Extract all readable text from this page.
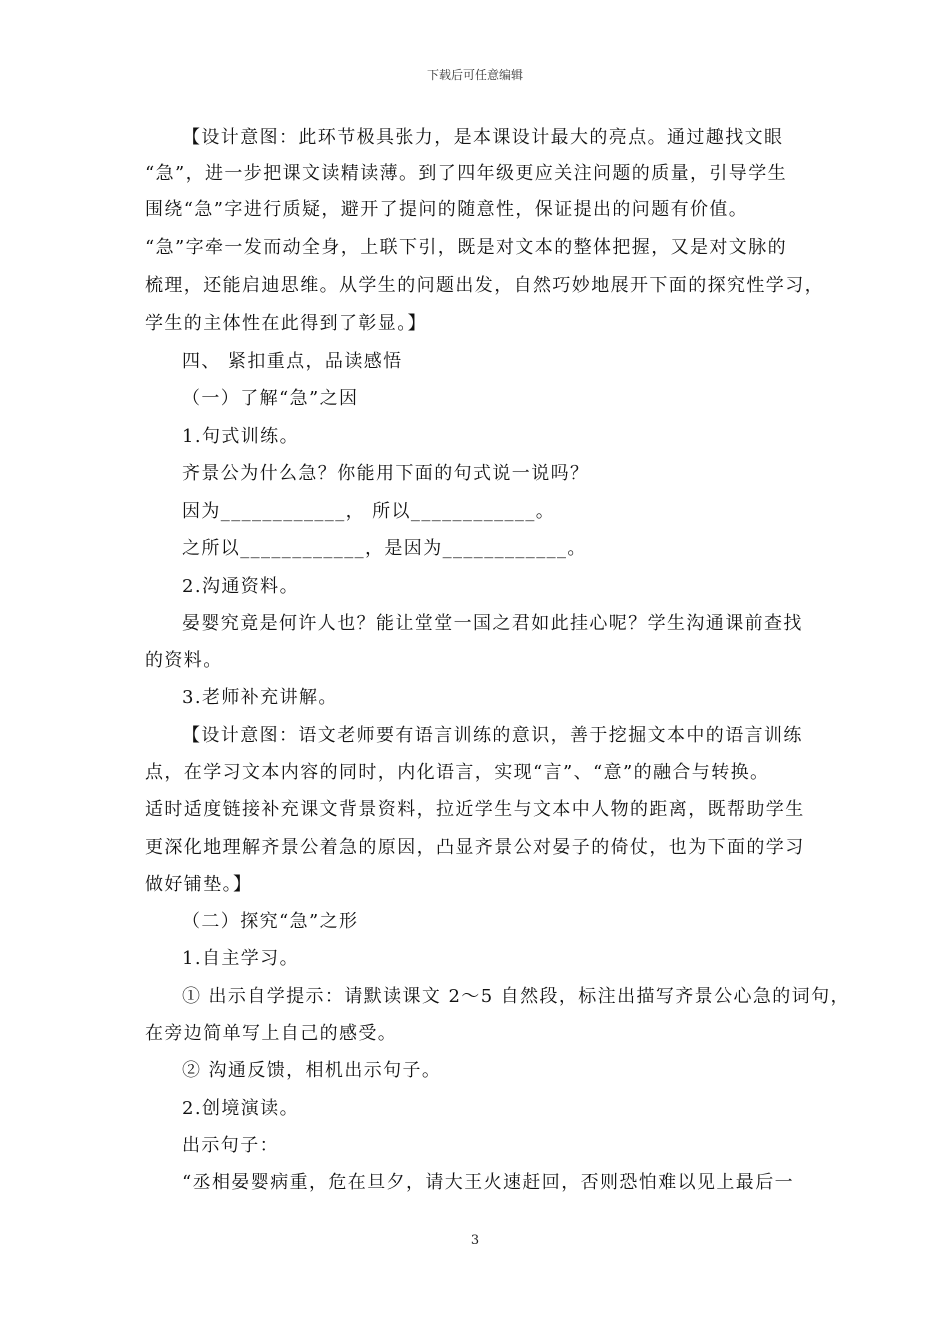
下载后可任意编辑
【设计意图：此环节极具张力，是本课设计最大的亮点。通过趣找文眼
“急”，进一步把课文读精读薄。到了四年级更应关注问题的质量，引导学生
围绕“急”字进行质疑，避开了提问的随意性，保证提出的问题有价值。
“急”字牵一发而动全身，上联下引，既是对文本的整体把握，又是对文脉的
梳理，还能启迪思维。从学生的问题出发，自然巧妙地展开下面的探究性学习，
学生的主体性在此得到了彰显。】
四、 紧扣重点，品读感悟
（一）了解“急”之因
1.句式训练。
齐景公为什么急？你能用下面的句式说一说吗？
因为____________， 所以____________。
之所以____________，是因为____________。
2.沟通资料。
晏婴究竟是何许人也？能让堂堂一国之君如此挂心呢？学生沟通课前查找
的资料。
3.老师补充讲解。
【设计意图：语文老师要有语言训练的意识，善于挖掘文本中的语言训练
点，在学习文本内容的同时，内化语言，实现“言”、“意”的融合与转换。
适时适度链接补充课文背景资料，拉近学生与文本中人物的距离，既帮助学生
更深化地理解齐景公着急的原因，凸显齐景公对晏子的倚仗，也为下面的学习
做好铺垫。】
（二）探究“急”之形
1.自主学习。
① 出示自学提示：请默读课文 2～5 自然段，标注出描写齐景公心急的词句，
在旁边简单写上自己的感受。
② 沟通反馈，相机出示句子。
2.创境演读。
出示句子：
“丞相晏婴病重，危在旦夕，请大王火速赶回，否则恐怕难以见上最后一
3
